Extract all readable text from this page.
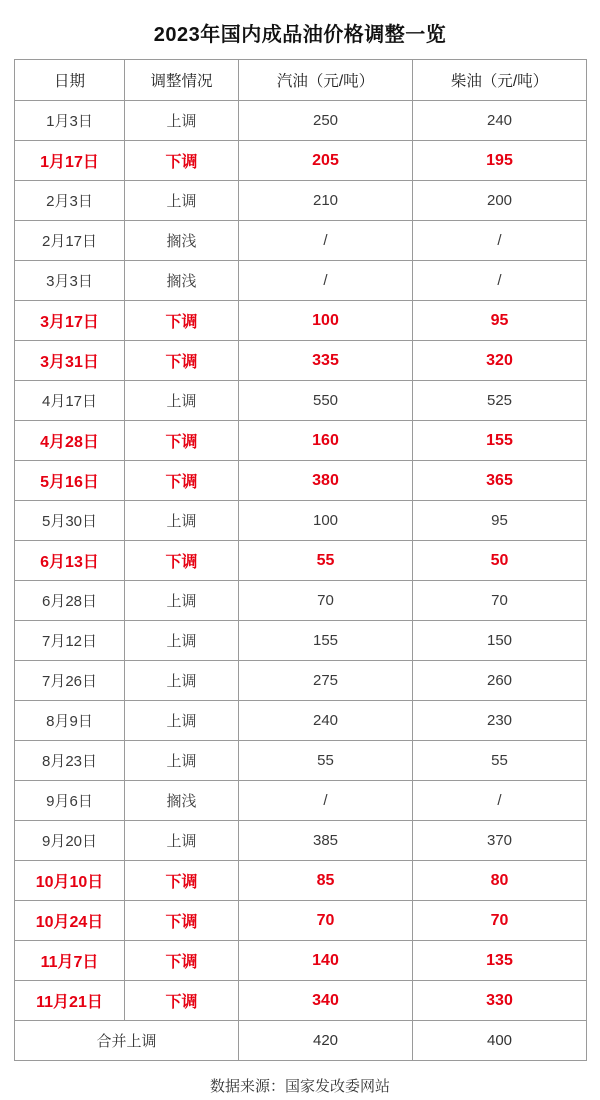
2023年国内成品油价格调整一览
日期	调整情况	汽油（元/吨）	柴油（元/吨）
1月3日	上调	250	240
1月17日	下调	205	195
2月3日	上调	210	200
2月17日	搁浅	/	/
3月3日	搁浅	/	/
3月17日	下调	100	95
3月31日	下调	335	320
4月17日	上调	550	525
4月28日	下调	160	155
5月16日	下调	380	365
5月30日	上调	100	95
6月13日	下调	55	50
6月28日	上调	70	70
7月12日	上调	155	150
7月26日	上调	275	260
8月9日	上调	240	230
8月23日	上调	55	55
9月6日	搁浅	/	/
9月20日	上调	385	370
10月10日	下调	85	80
10月24日	下调	70	70
11月7日	下调	140	135
11月21日	下调	340	330
合并上调		420	400
数据来源：国家发改委网站
